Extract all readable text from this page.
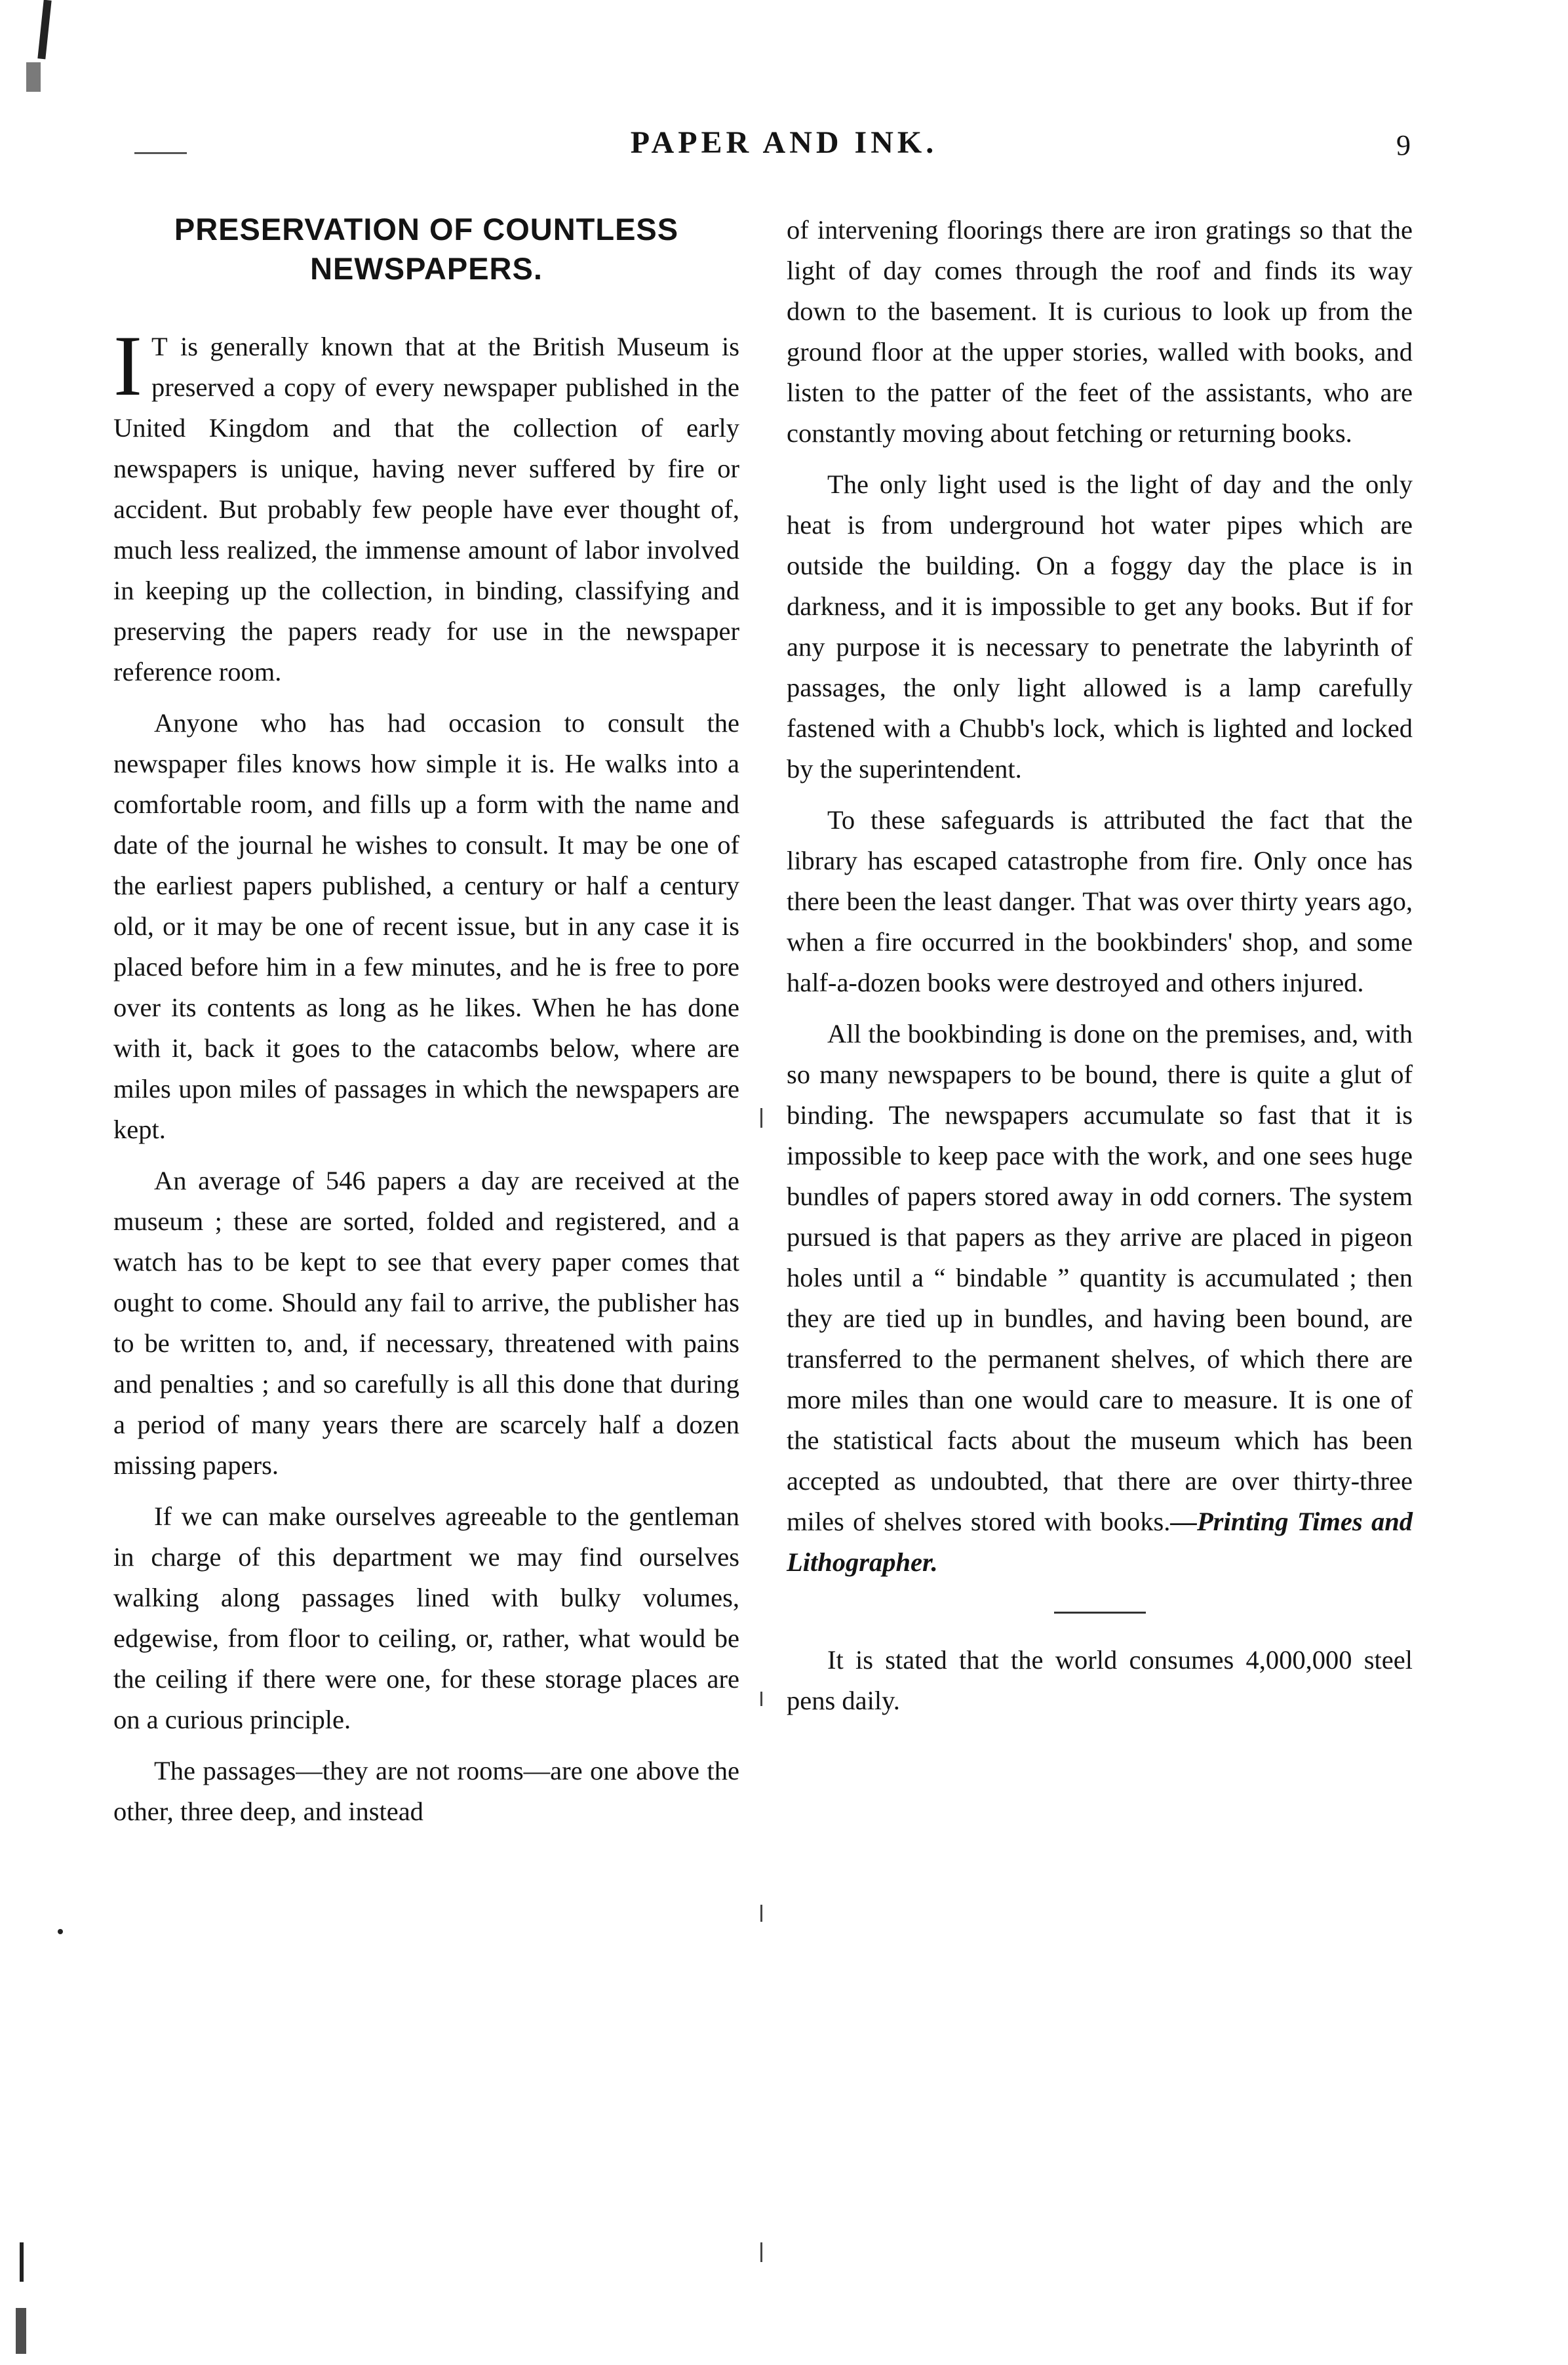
PAPER AND INK.	9
PRESERVATION OF COUNTLESS NEWSPAPERS.

I T is generally known that at the British Museum is preserved a copy of every newspaper published in the United Kingdom and that the collection of early newspapers is unique, having never suffered by fire or accident. But probably few people have ever thought of, much less realized, the immense amount of labor involved in keeping up the collection, in binding, classifying and preserving the papers ready for use in the newspaper reference room.

Anyone who has had occasion to consult the newspaper files knows how simple it is. He walks into a comfortable room, and fills up a form with the name and date of the journal he wishes to consult. It may be one of the earliest papers published, a century or half a century old, or it may be one of recent issue, but in any case it is placed before him in a few minutes, and he is free to pore over its contents as long as he likes. When he has done with it, back it goes to the catacombs below, where are miles upon miles of passages in which the newspapers are kept.

An average of 546 papers a day are received at the museum ; these are sorted, folded and registered, and a watch has to be kept to see that every paper comes that ought to come. Should any fail to arrive, the publisher has to be written to, and, if necessary, threatened with pains and penalties ; and so carefully is all this done that during a period of many years there are scarcely half a dozen missing papers.

If we can make ourselves agreeable to the gentleman in charge of this department we may find ourselves walking along passages lined with bulky volumes, edgewise, from floor to ceiling, or, rather, what would be the ceiling if there were one, for these storage places are on a curious principle.

The passages—they are not rooms—are one above the other, three deep, and instead

of intervening floorings there are iron gratings so that the light of day comes through the roof and finds its way down to the basement. It is curious to look up from the ground floor at the upper stories, walled with books, and listen to the patter of the feet of the assistants, who are constantly moving about fetching or returning books.

The only light used is the light of day and the only heat is from underground hot water pipes which are outside the building. On a foggy day the place is in darkness, and it is impossible to get any books. But if for any purpose it is necessary to penetrate the labyrinth of passages, the only light allowed is a lamp carefully fastened with a Chubb's lock, which is lighted and locked by the superintendent.

To these safeguards is attributed the fact that the library has escaped catastrophe from fire. Only once has there been the least danger. That was over thirty years ago, when a fire occurred in the bookbinders' shop, and some half-a-dozen books were destroyed and others injured.

All the bookbinding is done on the premises, and, with so many newspapers to be bound, there is quite a glut of binding. The newspapers accumulate so fast that it is impossible to keep pace with the work, and one sees huge bundles of papers stored away in odd corners. The system pursued is that papers as they arrive are placed in pigeon holes until a “ bindable ” quantity is accumulated ; then they are tied up in bundles, and having been bound, are transferred to the permanent shelves, of which there are more miles than one would care to measure. It is one of the statistical facts about the museum which has been accepted as undoubted, that there are over thirty-three miles of shelves stored with books.—Printing Times and Lithographer.

It is stated that the world consumes 4,000,000 steel pens daily.
